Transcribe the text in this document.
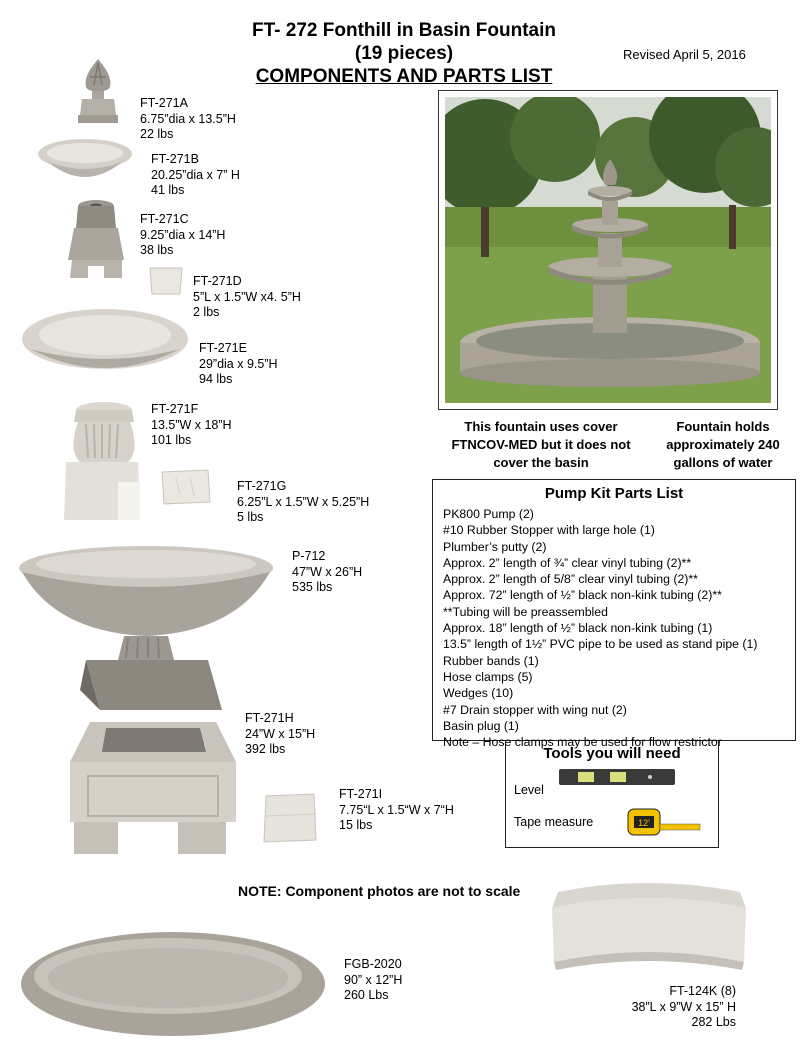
FT- 272 Fonthill in Basin Fountain
(19 pieces)
COMPONENTS AND PARTS LIST
Revised April 5, 2016
This fountain uses cover
FTNCOV-MED but it does not
cover the basin
Fountain holds
approximately 240
gallons of water
FT-271A
6.75”dia x 13.5”H
22 lbs
FT-271B
20.25”dia x 7” H
41 lbs
FT-271C
9.25”dia x 14”H
38 lbs
FT-271D
5”L x 1.5”W x4. 5”H
2 lbs
FT-271E
29”dia x 9.5”H
94 lbs
FT-271F
13.5”W x 18”H
101 lbs
FT-271G
6.25”L x 1.5”W x 5.25”H
5 lbs
P-712
47”W x 26”H
535 lbs
FT-271H
24”W x 15”H
392 lbs
FT-271I
7.75“L x 1.5“W x 7“H
15 lbs
FGB-2020
90” x 12”H
260 Lbs	FT-124K (8)
38”L x 9”W x 15” H
282 Lbs
Pump Kit Parts List
PK800 Pump (2)
#10 Rubber Stopper with large hole (1)
Plumber’s putty (2)
Approx. 2” length of ¾” clear vinyl tubing (2)**
Approx. 2” length of 5/8” clear vinyl tubing (2)**
Approx. 72” length of ½” black non-kink tubing (2)**
**Tubing will be preassembled
Approx. 18” length of ½” black non-kink tubing (1)
13.5” length of 1½” PVC pipe to be used as stand pipe (1)
Rubber bands (1)
Hose clamps (5)
Wedges (10)
#7 Drain stopper with wing nut (2)
Basin plug (1)
Note – Hose clamps may be used for flow restrictor
Tools you will need
Level
Tape measure	12'
NOTE: Component photos are not to scale
